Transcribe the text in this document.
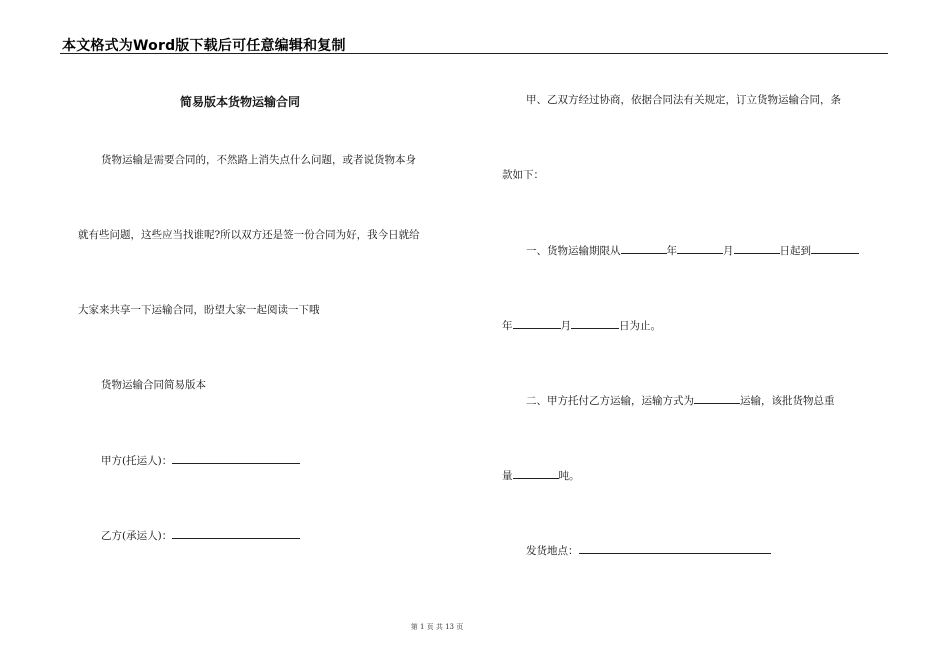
本文格式为Word版下载后可任意编辑和复制
简易版本货物运输合同
货物运输是需要合同的，不然路上消失点什么问题，或者说货物本身
就有些问题，这些应当找谁呢?所以双方还是签一份合同为好，我今日就给
大家来共享一下运输合同，盼望大家一起阅读一下哦
货物运输合同简易版本
甲方(托运人)：
乙方(承运人)：
甲、乙双方经过协商，依据合同法有关规定，订立货物运输合同，条
款如下：
一、货物运输期限从	年	月	日起到
年	月	日为止。
二、甲方托付乙方运输，运输方式为	运输，该批货物总重
量	吨。
发货地点：
第 1 页 共 13 页
